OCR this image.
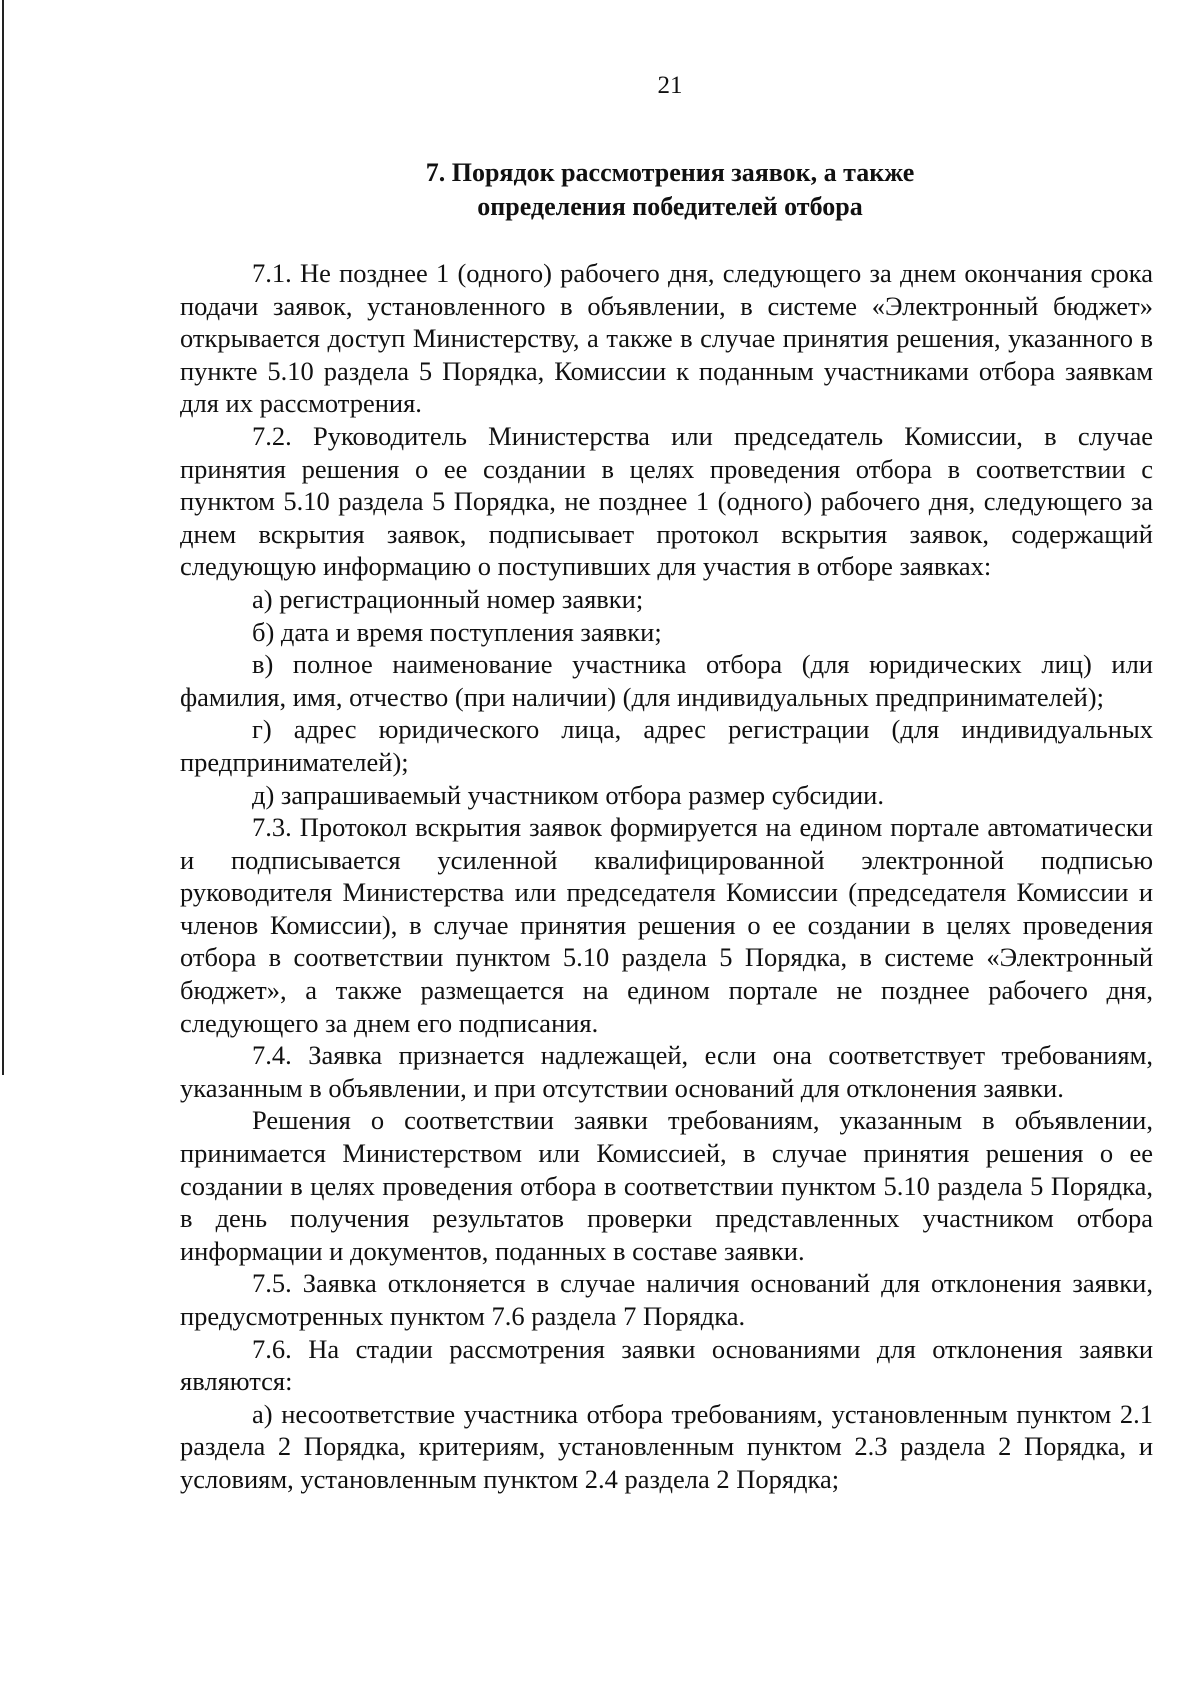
21
7. Порядок рассмотрения заявок, а также
определения победителей отбора

7.1. Не позднее 1 (одного) рабочего дня, следующего за днем окончания срока подачи заявок, установленного в объявлении, в системе «Электронный бюджет» открывается доступ Министерству, а также в случае принятия решения, указанного в пункте 5.10 раздела 5 Порядка, Комиссии к поданным участниками отбора заявкам для их рассмотрения.

7.2. Руководитель Министерства или председатель Комиссии, в случае принятия решения о ее создании в целях проведения отбора в соответствии с пунктом 5.10 раздела 5 Порядка, не позднее 1 (одного) рабочего дня, следующего за днем вскрытия заявок, подписывает протокол вскрытия заявок, содержащий следующую информацию о поступивших для участия в отборе заявках:

а) регистрационный номер заявки;

б) дата и время поступления заявки;

в) полное наименование участника отбора (для юридических лиц) или фамилия, имя, отчество (при наличии) (для индивидуальных предпринимателей);

г) адрес юридического лица, адрес регистрации (для индивидуальных предпринимателей);

д) запрашиваемый участником отбора размер субсидии.

7.3. Протокол вскрытия заявок формируется на едином портале автоматически и подписывается усиленной квалифицированной электронной подписью руководителя Министерства или председателя Комиссии (председателя Комиссии и членов Комиссии), в случае принятия решения о ее создании в целях проведения отбора в соответствии пунктом 5.10 раздела 5 Порядка, в системе «Электронный бюджет», а также размещается на едином портале не позднее рабочего дня, следующего за днем его подписания.

7.4. Заявка признается надлежащей, если она соответствует требованиям, указанным в объявлении, и при отсутствии оснований для отклонения заявки.

Решения о соответствии заявки требованиям, указанным в объявлении, принимается Министерством или Комиссией, в случае принятия решения о ее создании в целях проведения отбора в соответствии пунктом 5.10 раздела 5 Порядка, в день получения результатов проверки представленных участником отбора информации и документов, поданных в составе заявки.

7.5. Заявка отклоняется в случае наличия оснований для отклонения заявки, предусмотренных пунктом 7.6 раздела 7 Порядка.

7.6. На стадии рассмотрения заявки основаниями для отклонения заявки являются:

а) несоответствие участника отбора требованиям, установленным пунктом 2.1 раздела 2 Порядка, критериям, установленным пунктом 2.3 раздела 2 Порядка, и условиям, установленным пунктом 2.4 раздела 2 Порядка;
